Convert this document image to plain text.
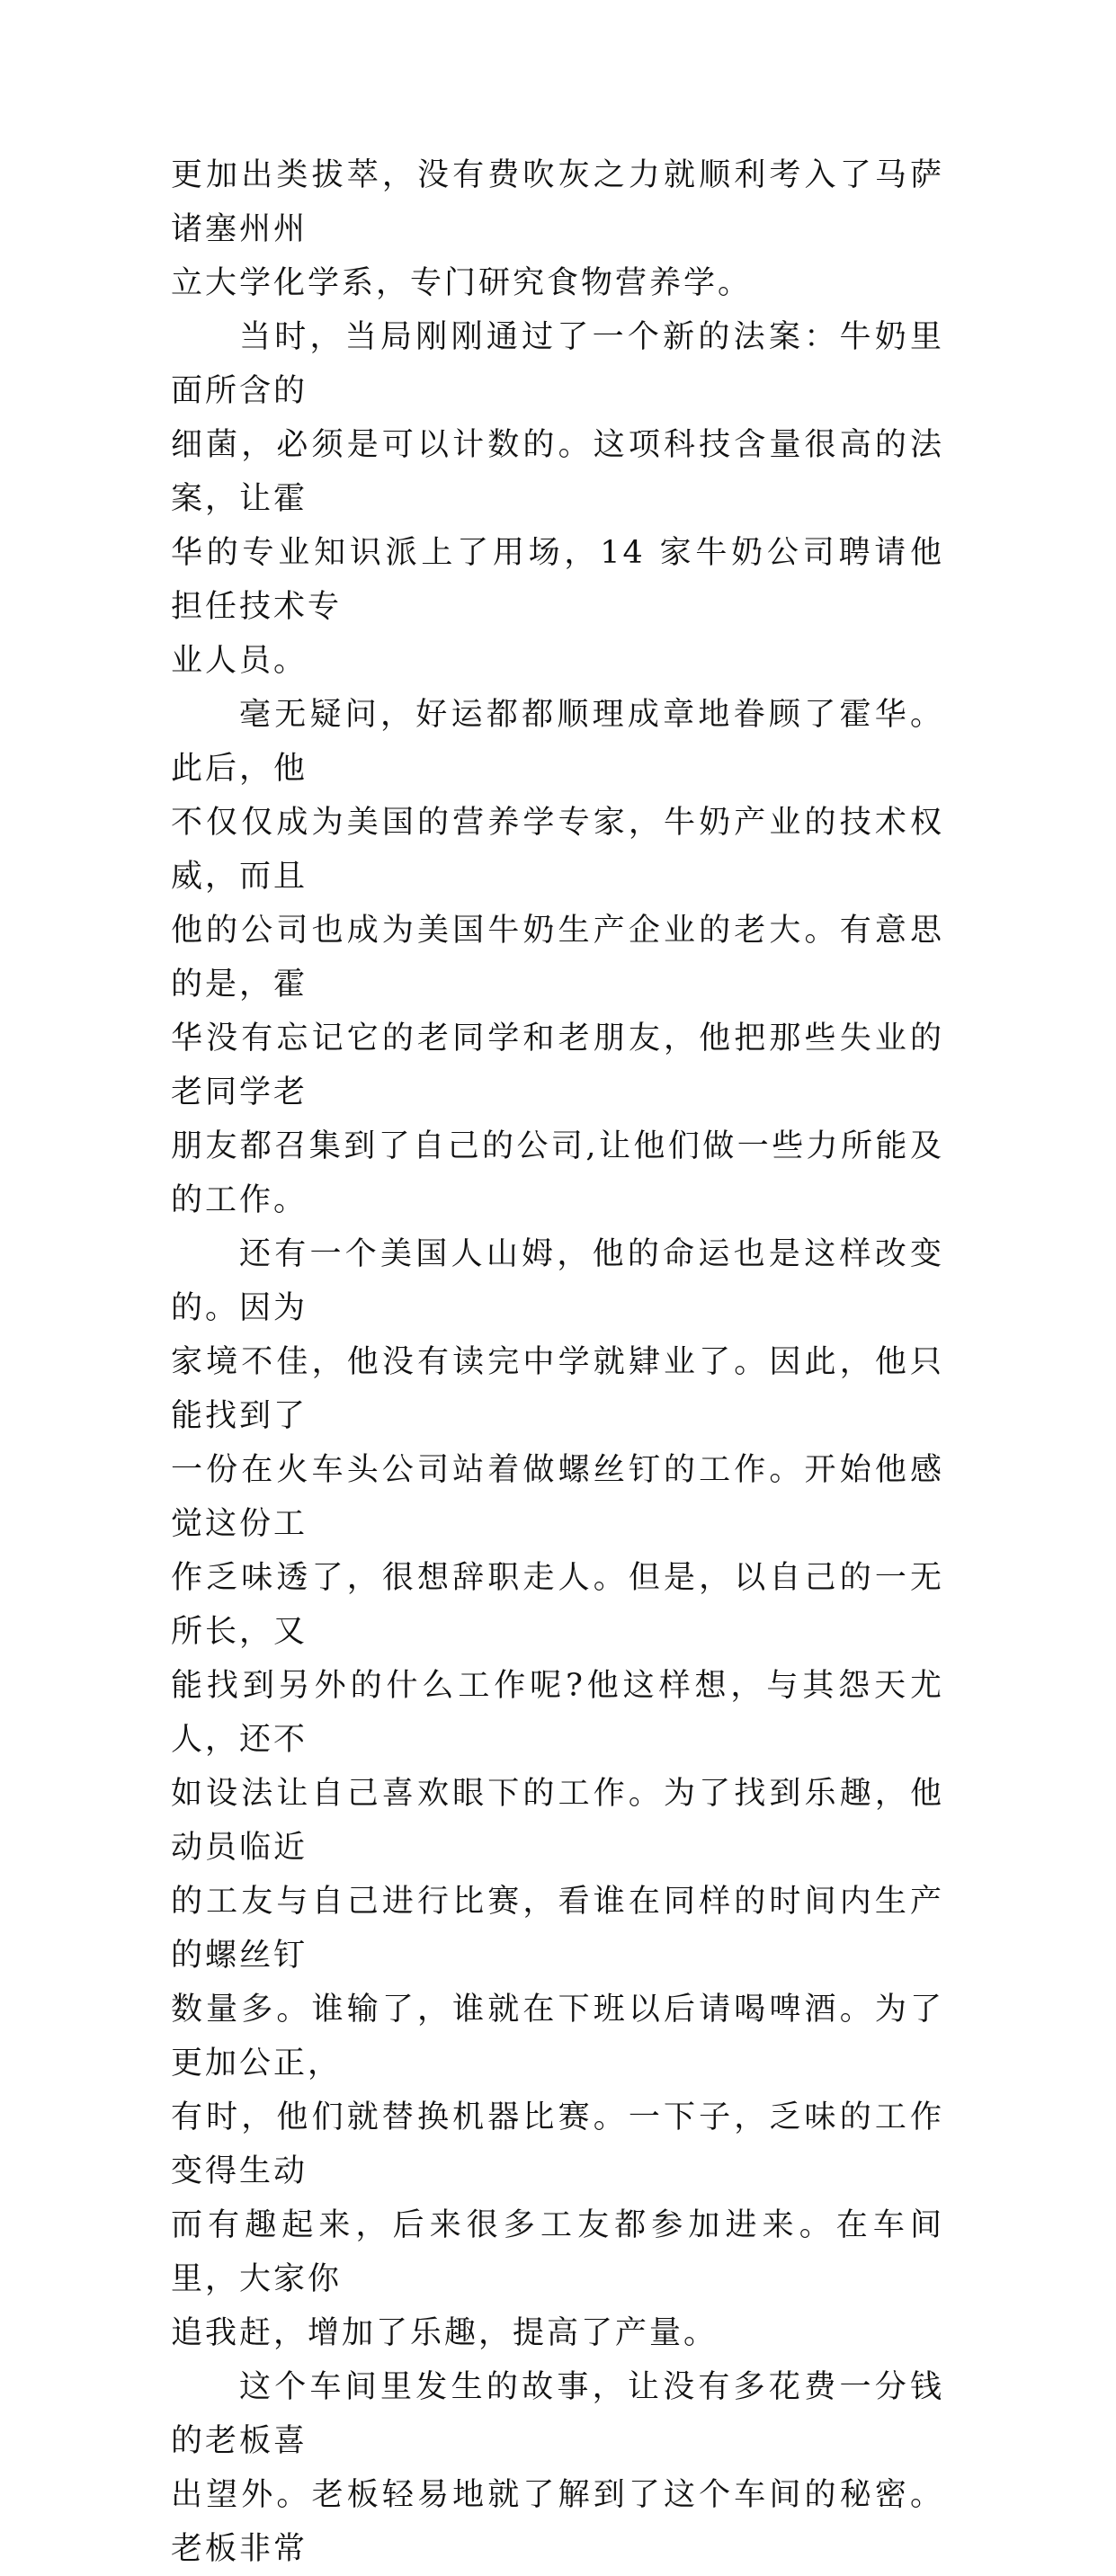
更加出类拔萃，没有费吹灰之力就顺利考入了马萨诸塞州州
立大学化学系，专门研究食物营养学。

当时，当局刚刚通过了一个新的法案：牛奶里面所含的
细菌，必须是可以计数的。这项科技含量很高的法案，让霍
华的专业知识派上了用场，14 家牛奶公司聘请他担任技术专
业人员。

毫无疑问，好运都都顺理成章地眷顾了霍华。此后，他
不仅仅成为美国的营养学专家，牛奶产业的技术权威，而且
他的公司也成为美国牛奶生产企业的老大。有意思的是，霍
华没有忘记它的老同学和老朋友，他把那些失业的老同学老
朋友都召集到了自己的公司,让他们做一些力所能及的工作。

还有一个美国人山姆，他的命运也是这样改变的。因为
家境不佳，他没有读完中学就肄业了。因此，他只能找到了
一份在火车头公司站着做螺丝钉的工作。开始他感觉这份工
作乏味透了，很想辞职走人。但是，以自己的一无所长，又
能找到另外的什么工作呢?他这样想，与其怨天尤人，还不
如设法让自己喜欢眼下的工作。为了找到乐趣，他动员临近
的工友与自己进行比赛，看谁在同样的时间内生产的螺丝钉
数量多。谁输了，谁就在下班以后请喝啤酒。为了更加公正，
有时，他们就替换机器比赛。一下子，乏味的工作变得生动
而有趣起来，后来很多工友都参加进来。在车间里，大家你
追我赶，增加了乐趣，提高了产量。

这个车间里发生的故事，让没有多花费一分钱的老板喜
出望外。老板轻易地就了解到了这个车间的秘密。老板非常
